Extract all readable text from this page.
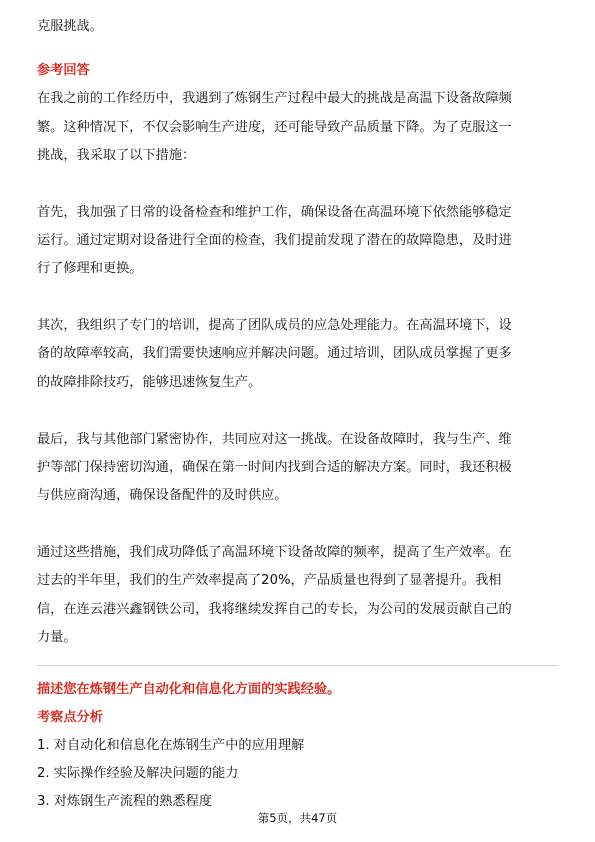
克服挑战。
参考回答
在我之前的工作经历中，我遇到了炼钢生产过程中最大的挑战是高温下设备故障频
繁。这种情况下，不仅会影响生产进度，还可能导致产品质量下降。为了克服这一
挑战，我采取了以下措施：
首先，我加强了日常的设备检查和维护工作，确保设备在高温环境下依然能够稳定
运行。通过定期对设备进行全面的检查，我们提前发现了潜在的故障隐患，及时进
行了修理和更换。
其次，我组织了专门的培训，提高了团队成员的应急处理能力。在高温环境下，设
备的故障率较高，我们需要快速响应并解决问题。通过培训，团队成员掌握了更多
的故障排除技巧，能够迅速恢复生产。
最后，我与其他部门紧密协作，共同应对这一挑战。在设备故障时，我与生产、维
护等部门保持密切沟通，确保在第一时间内找到合适的解决方案。同时，我还积极
与供应商沟通，确保设备配件的及时供应。
通过这些措施，我们成功降低了高温环境下设备故障的频率，提高了生产效率。在
过去的半年里，我们的生产效率提高了20%，产品质量也得到了显著提升。我相
信，在连云港兴鑫钢铁公司，我将继续发挥自己的专长，为公司的发展贡献自己的
力量。
描述您在炼钢生产自动化和信息化方面的实践经验。
考察点分析
1. 对自动化和信息化在炼钢生产中的应用理解
2. 实际操作经验及解决问题的能力
3. 对炼钢生产流程的熟悉程度
第5页，共47页
